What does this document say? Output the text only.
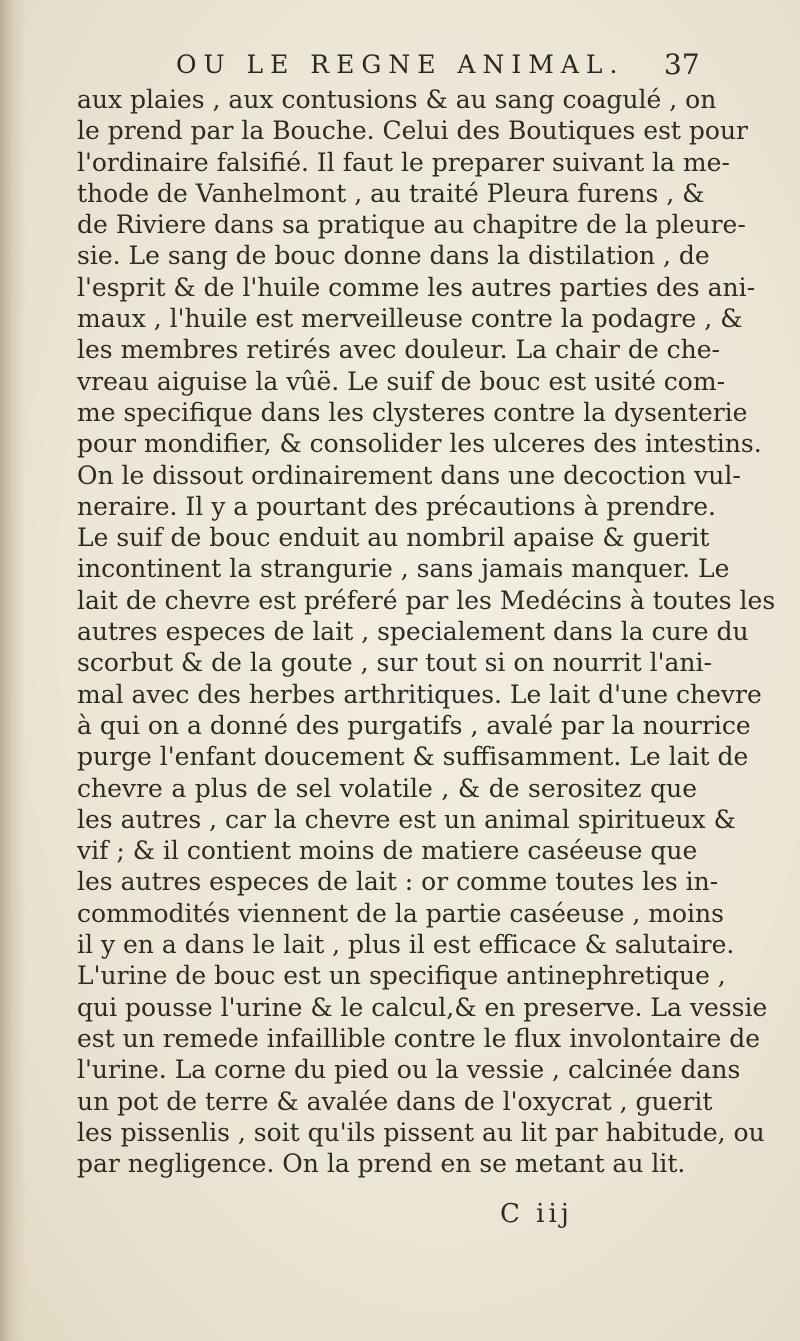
OU LE REGNE ANIMAL. 37
aux plaies , aux contusions & au sang coagulé , on
le prend par la Bouche. Celui des Boutiques est pour
l'ordinaire falsifié. Il faut le preparer suivant la me-
thode de Vanhelmont , au traité Pleura furens , &
de Riviere dans sa pratique au chapitre de la pleure-
sie. Le sang de bouc donne dans la distilation , de
l'esprit & de l'huile comme les autres parties des ani-
maux , l'huile est merveilleuse contre la podagre , &
les membres retirés avec douleur. La chair de che-
vreau aiguise la vûë. Le suif de bouc est usité com-
me specifique dans les clysteres contre la dysenterie
pour mondifier, & consolider les ulceres des intestins.
On le dissout ordinairement dans une decoction vul-
neraire. Il y a pourtant des précautions à prendre.
Le suif de bouc enduit au nombril apaise & guerit
incontinent la strangurie , sans jamais manquer. Le
lait de chevre est préferé par les Medécins à toutes les
autres especes de lait , specialement dans la cure du
scorbut & de la goute , sur tout si on nourrit l'ani-
mal avec des herbes arthritiques. Le lait d'une chevre
à qui on a donné des purgatifs , avalé par la nourrice
purge l'enfant doucement & suffisamment. Le lait de
chevre a plus de sel volatile , & de serositez que
les autres , car la chevre est un animal spiritueux &
vif ; & il contient moins de matiere caséeuse que
les autres especes de lait : or comme toutes les in-
commodités viennent de la partie caséeuse , moins
il y en a dans le lait , plus il est efficace & salutaire.
L'urine de bouc est un specifique antinephretique ,
qui pousse l'urine & le calcul,& en preserve. La vessie
est un remede infaillible contre le flux involontaire de
l'urine. La corne du pied ou la vessie , calcinée dans
un pot de terre & avalée dans de l'oxycrat , guerit
les pissenlis , soit qu'ils pissent au lit par habitude, ou
par negligence. On la prend en se metant au lit.
C iij
